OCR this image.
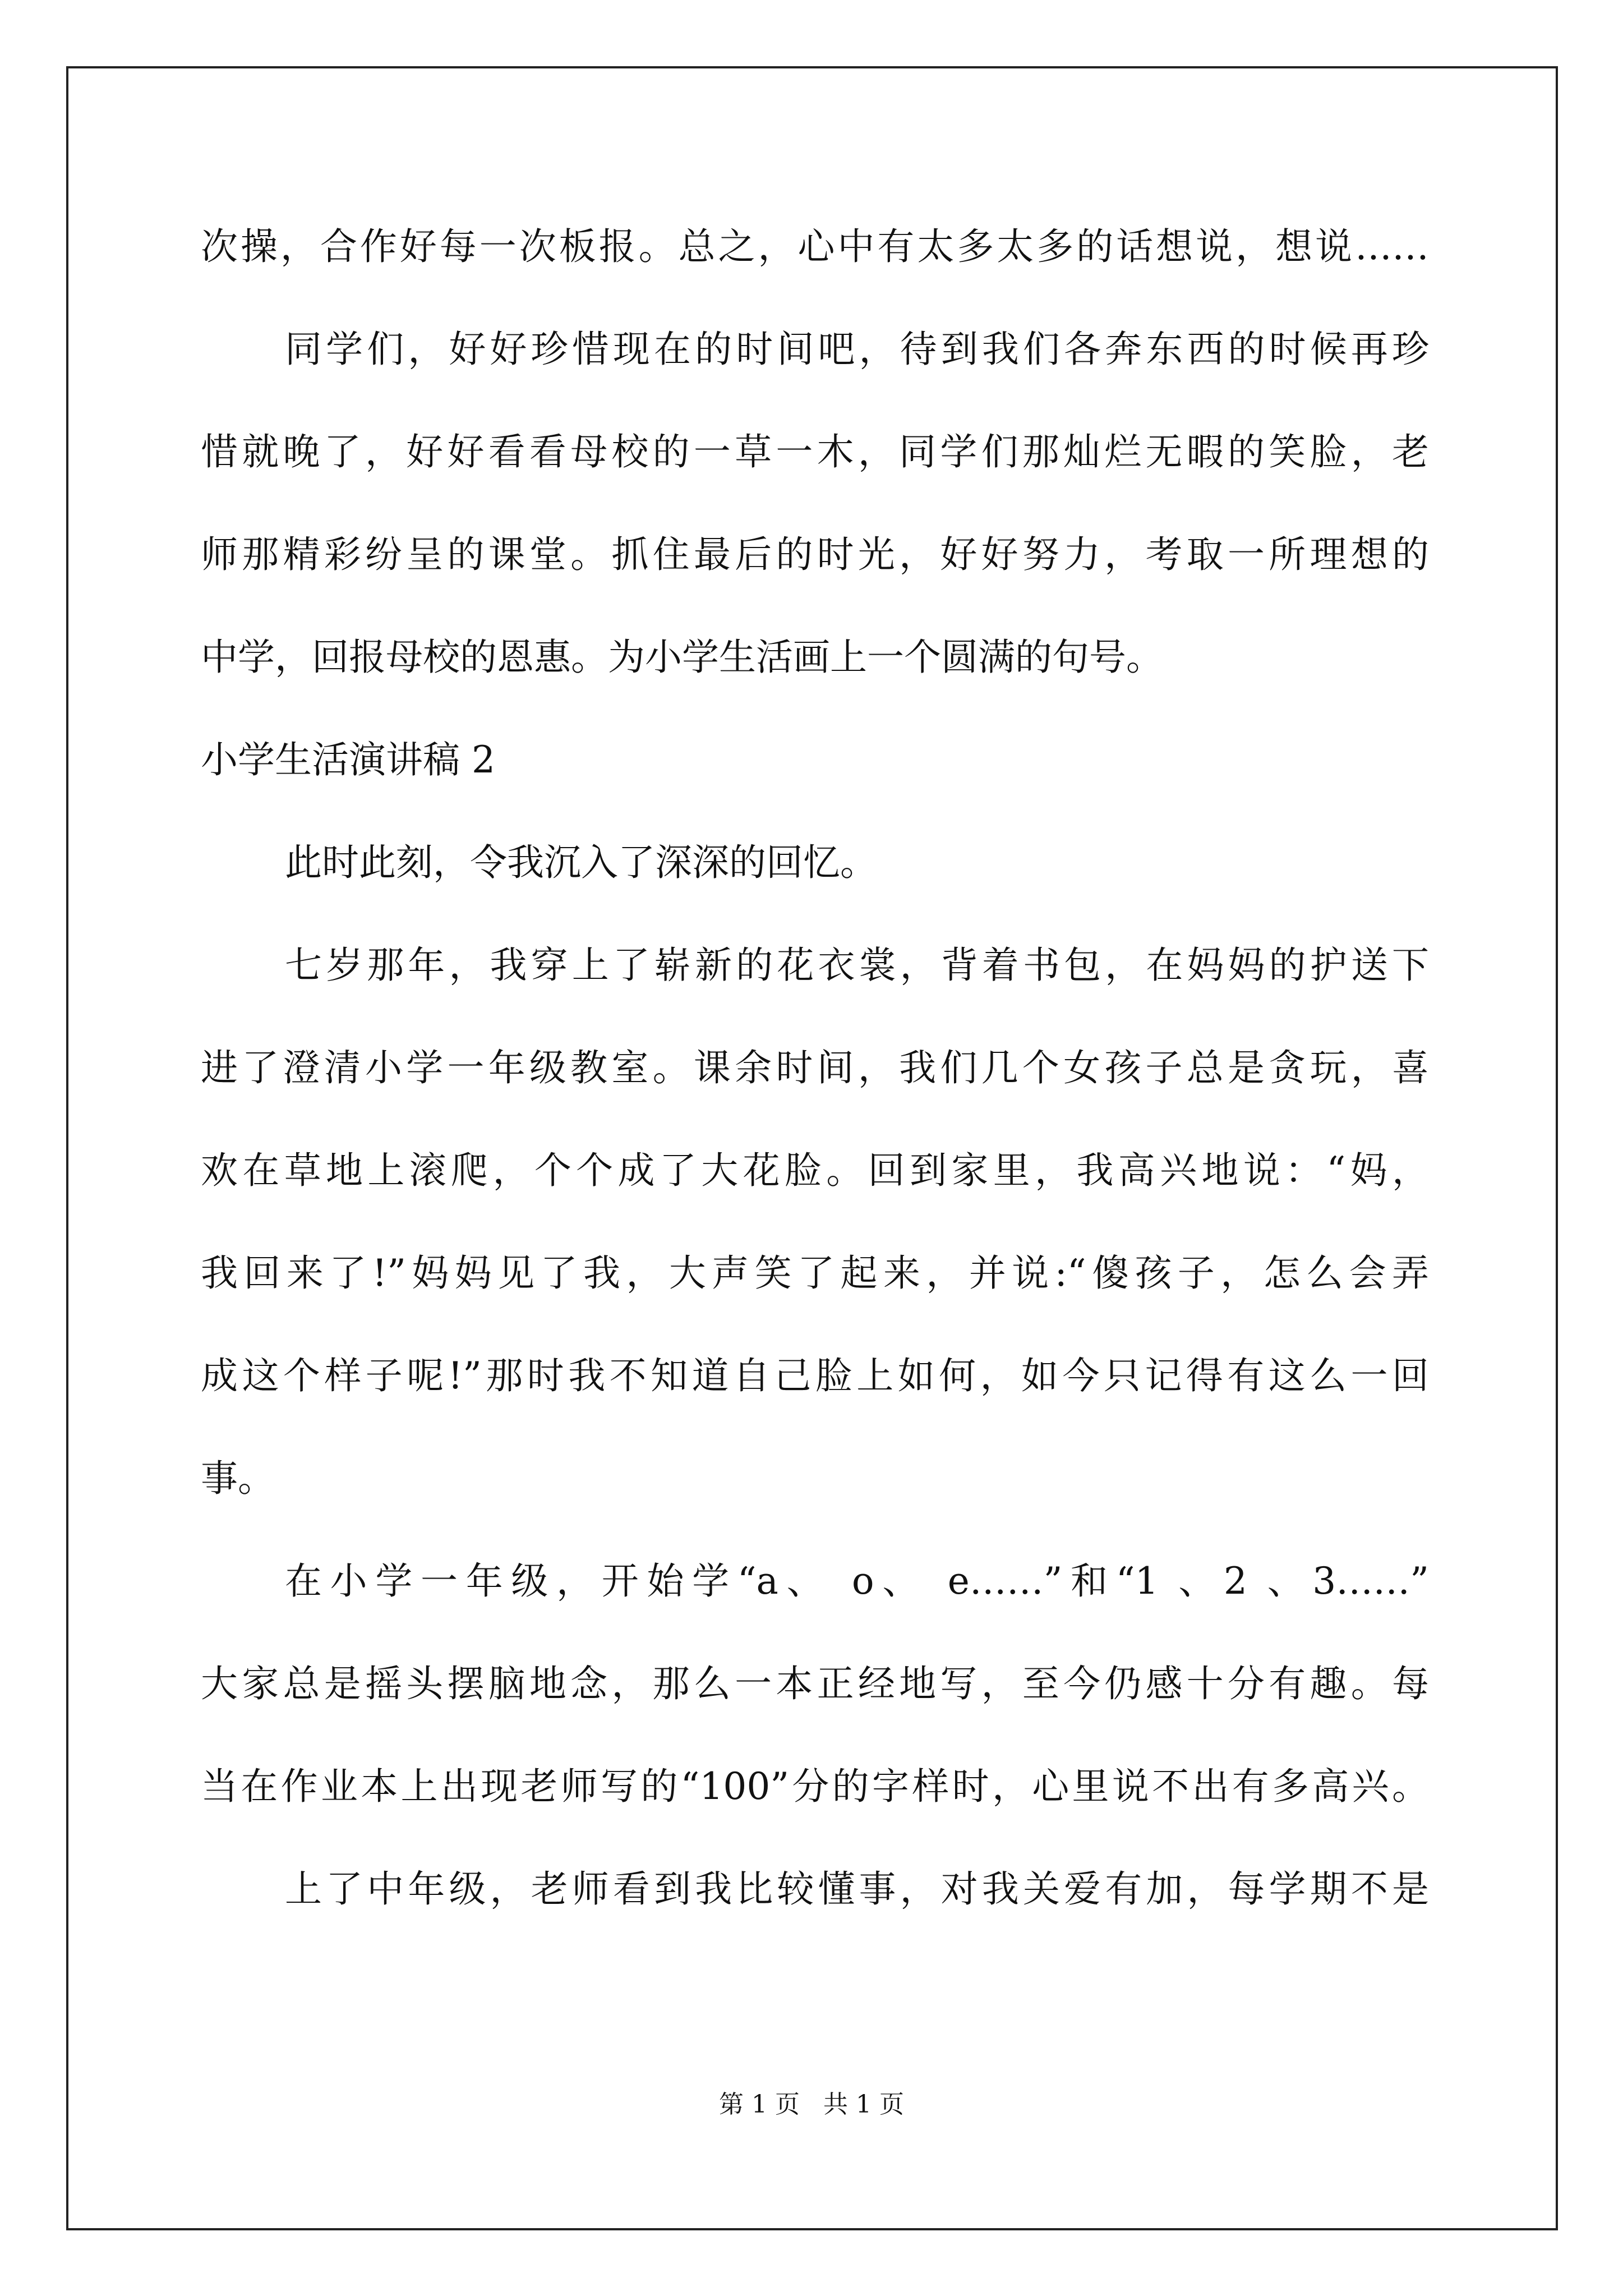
次操，合作好每一次板报。总之，心中有太多太多的话想说，想说……

同学们，好好珍惜现在的时间吧，待到我们各奔东西的时候再珍

惜就晚了，好好看看母校的一草一木，同学们那灿烂无暇的笑脸，老

师那精彩纷呈的课堂。抓住最后的时光，好好努力，考取一所理想的

中学，回报母校的恩惠。为小学生活画上一个圆满的句号。

小学生活演讲稿 2

此时此刻，令我沉入了深深的回忆。

七岁那年，我穿上了崭新的花衣裳，背着书包，在妈妈的护送下

进了澄清小学一年级教室。课余时间，我们几个女孩子总是贪玩，喜

欢在草地上滚爬，个个成了大花脸。回到家里，我高兴地说：“妈，

我回来了!”妈妈见了我，大声笑了起来，并说:“傻孩子，怎么会弄

成这个样子呢!”那时我不知道自己脸上如何，如今只记得有这么一回

事。

在小学一年级，开始学“a、 o、 e……”和“1 、2 、3……”

大家总是摇头摆脑地念，那么一本正经地写，至今仍感十分有趣。每

当在作业本上出现老师写的“100”分的字样时，心里说不出有多高兴。

上了中年级，老师看到我比较懂事，对我关爱有加，每学期不是

第 1 页   共 1 页
